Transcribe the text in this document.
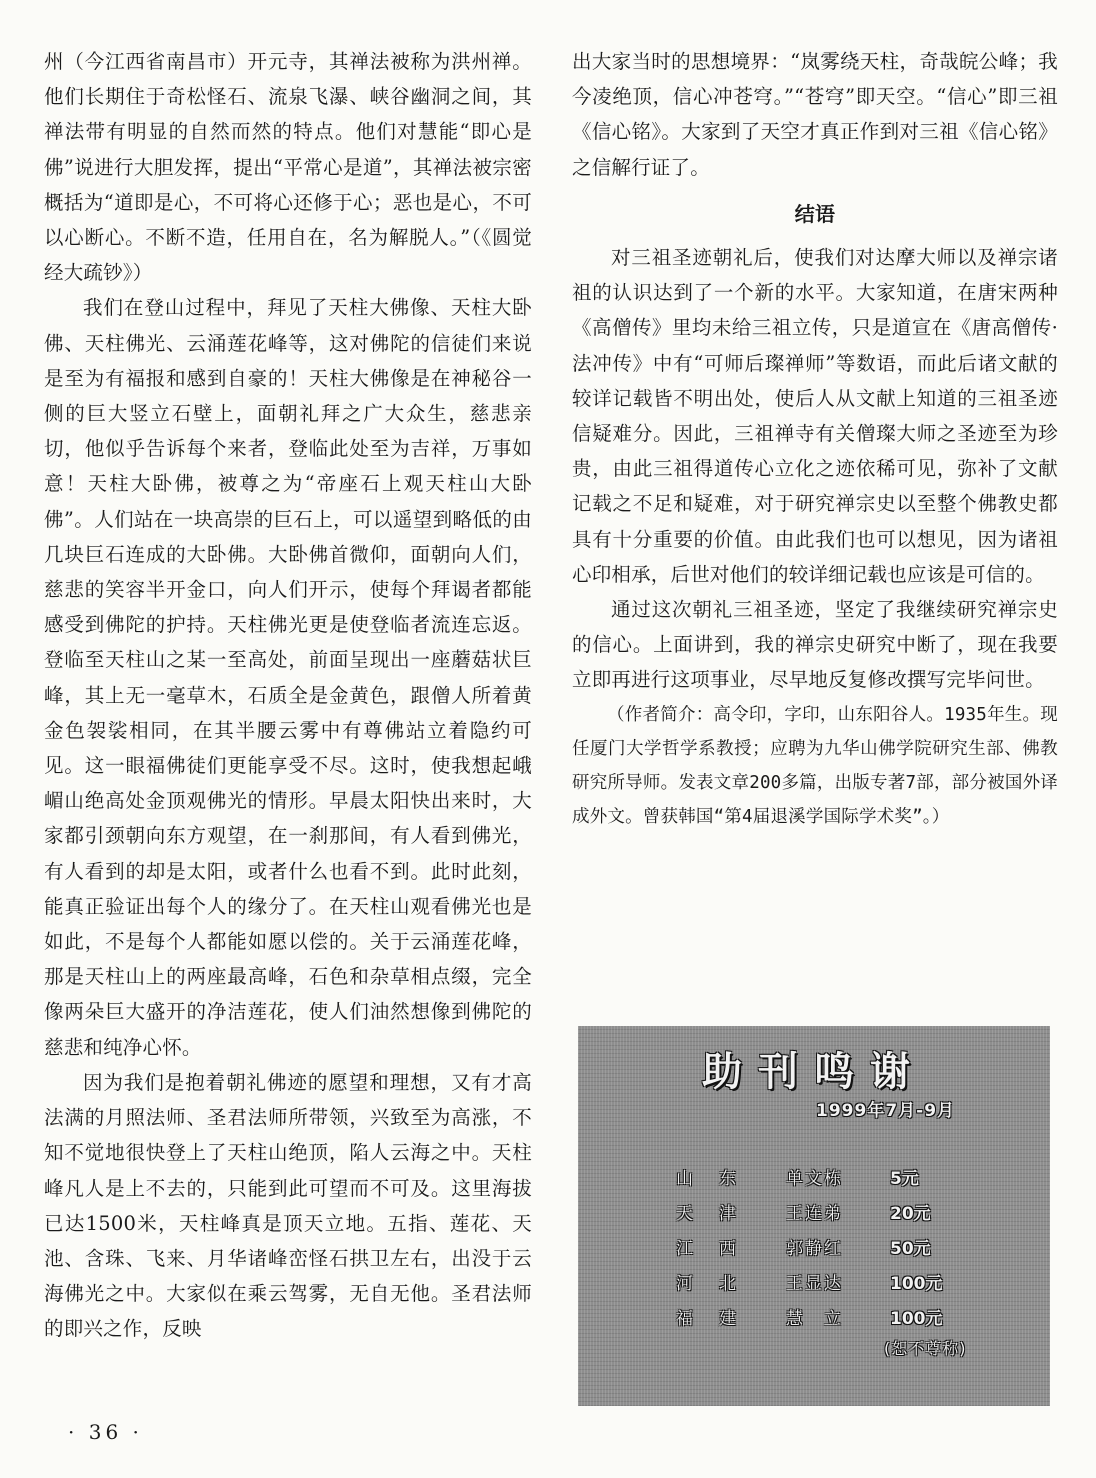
州（今江西省南昌市）开元寺，其禅法被称为洪州禅。他们长期住于奇松怪石、流泉飞瀑、峡谷幽洞之间，其禅法带有明显的自然而然的特点。他们对慧能“即心是佛”说进行大胆发挥，提出“平常心是道”，其禅法被宗密概括为“道即是心，不可将心还修于心；恶也是心，不可以心断心。不断不造，任用自在，名为解脱人。”（《圆觉经大疏钞》）

我们在登山过程中，拜见了天柱大佛像、天柱大卧佛、天柱佛光、云涌莲花峰等，这对佛陀的信徒们来说是至为有福报和感到自豪的！天柱大佛像是在神秘谷一侧的巨大竖立石壁上，面朝礼拜之广大众生，慈悲亲切，他似乎告诉每个来者，登临此处至为吉祥，万事如意！天柱大卧佛，被尊之为“帝座石上观天柱山大卧佛”。人们站在一块高崇的巨石上，可以遥望到略低的由几块巨石连成的大卧佛。大卧佛首微仰，面朝向人们，慈悲的笑容半开金口，向人们开示，使每个拜谒者都能感受到佛陀的护持。天柱佛光更是使登临者流连忘返。登临至天柱山之某一至高处，前面呈现出一座蘑菇状巨峰，其上无一毫草木，石质全是金黄色，跟僧人所着黄金色袈裟相同，在其半腰云雾中有尊佛站立着隐约可见。这一眼福佛徒们更能享受不尽。这时，使我想起峨嵋山绝高处金顶观佛光的情形。早晨太阳快出来时，大家都引颈朝向东方观望，在一刹那间，有人看到佛光，有人看到的却是太阳，或者什么也看不到。此时此刻，能真正验证出每个人的缘分了。在天柱山观看佛光也是如此，不是每个人都能如愿以偿的。关于云涌莲花峰，那是天柱山上的两座最高峰，石色和杂草相点缀，完全像两朵巨大盛开的净洁莲花，使人们油然想像到佛陀的慈悲和纯净心怀。

因为我们是抱着朝礼佛迹的愿望和理想，又有才高法满的月照法师、圣君法师所带领，兴致至为高涨，不知不觉地很快登上了天柱山绝顶，陷人云海之中。天柱峰凡人是上不去的，只能到此可望而不可及。这里海拔已达1500米，天柱峰真是顶天立地。五指、莲花、天池、含珠、飞来、月华诸峰峦怪石拱卫左右，出没于云海佛光之中。大家似在乘云驾雾，无自无他。圣君法师的即兴之作，反映

出大家当时的思想境界：“岚雾绕天柱，奇哉皖公峰；我今凌绝顶，信心冲苍穹。”“苍穹”即天空。“信心”即三祖《信心铭》。大家到了天空才真正作到对三祖《信心铭》之信解行证了。

结语

对三祖圣迹朝礼后，使我们对达摩大师以及禅宗诸祖的认识达到了一个新的水平。大家知道，在唐宋两种《高僧传》里均未给三祖立传，只是道宣在《唐高僧传·法冲传》中有“可师后璨禅师”等数语，而此后诸文献的较详记载皆不明出处，使后人从文献上知道的三祖圣迹信疑难分。因此，三祖禅寺有关僧璨大师之圣迹至为珍贵，由此三祖得道传心立化之迹依稀可见，弥补了文献记载之不足和疑难，对于研究禅宗史以至整个佛教史都具有十分重要的价值。由此我们也可以想见，因为诸祖心印相承，后世对他们的较详细记载也应该是可信的。

通过这次朝礼三祖圣迹，坚定了我继续研究禅宗史的信心。上面讲到，我的禅宗史研究中断了，现在我要立即再进行这项事业，尽早地反复修改撰写完毕问世。

（作者简介：高令印，字印，山东阳谷人。1935年生。现任厦门大学哲学系教授；应聘为九华山佛学院研究生部、佛教研究所导师。发表文章200多篇，出版专著7部，部分被国外译成外文。曾获韩国“第4届退溪学国际学术奖”。）

助刊鸣谢
1999年7月-9月
山东 单文栋	5元
天津 王连弟	20元
江西 郭静红	50元
河北 王显达	100元
福建 慧　立	100元
(恕不尊称)
· 36 ·
